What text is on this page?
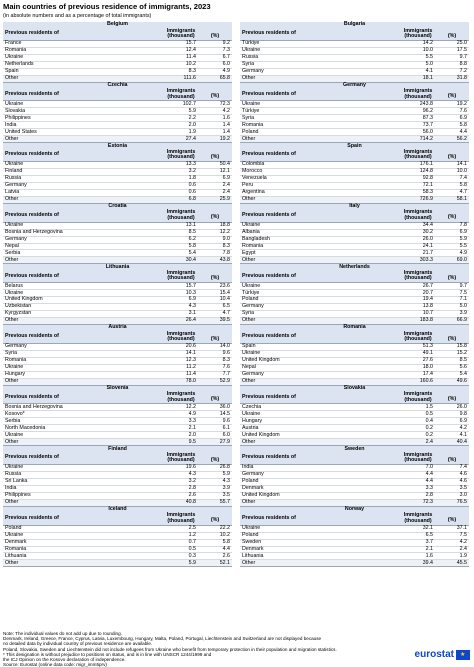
Main countries of previous residence of immigrants, 2023
(in absolute numbers and as a percentage of total immigrants)
Belgium
Previous residents of	Immigrants
(thousand)	(%)
France	15.7	9.2
Romania	12.4	7.3
Ukraine	11.4	6.7
Netherlands	10.2	6.0
Spain	8.3	4.9
Other	111.6	65.8
Bulgaria
Previous residents of	Immigrants
(thousand)	(%)
Türkiye	14.2	25.0
Ukraine	10.0	17.5
Russia	5.5	9.7
Syria	5.0	8.8
Germany	4.1	7.2
Other	18.1	31.8
Czechia
Previous residents of	Immigrants
(thousand)	(%)
Ukraine	102.7	72.3
Slovakia	5.9	4.2
Philippines	2.2	1.6
India	2.0	1.4
United States	1.9	1.4
Other	27.4	19.2
Germany
Previous residents of	Immigrants
(thousand)	(%)
Ukraine	243.8	19.2
Türkiye	96.2	7.6
Syria	87.3	6.9
Romania	73.7	5.8
Poland	56.0	4.4
Other	714.2	56.2
Estonia
Previous residents of	Immigrants
(thousand)	(%)
Ukraine	13.3	50.4
Finland	3.2	12.1
Russia	1.8	6.9
Germany	0.6	2.4
Latvia	0.6	2.4
Other	6.8	25.9
Spain
Previous residents of	Immigrants
(thousand)	(%)
Colombia	176.1	14.1
Morocco	124.8	10.0
Venezuela	92.8	7.4
Peru	72.1	5.8
Argentina	58.3	4.7
Other	726.9	58.1
Croatia
Previous residents of	Immigrants
(thousand)	(%)
Ukraine	13.1	18.8
Bosnia and Herzegovina	8.5	12.2
Germany	6.2	9.0
Nepal	5.8	8.3
Serbia	5.4	7.8
Other	30.4	43.8
Italy
Previous residents of	Immigrants
(thousand)	(%)
Ukraine	34.4	7.8
Albania	30.2	6.9
Bangladesh	26.0	5.9
Romania	24.1	5.5
Egypt	21.7	4.9
Other	303.3	69.0
Lithuania
Previous residents of	Immigrants
(thousand)	(%)
Belarus	15.7	23.6
Ukraine	10.3	15.4
United Kingdom	6.9	10.4
Uzbekistan	4.3	6.5
Kyrgyzstan	3.1	4.7
Other	26.4	39.5
Netherlands
Previous residents of	Immigrants
(thousand)	(%)
Ukraine	26.7	9.7
Türkiye	20.7	7.5
Poland	19.4	7.1
Germany	13.8	5.0
Syria	10.7	3.9
Other	183.8	66.9
Austria
Previous residents of	Immigrants
(thousand)	(%)
Germany	20.6	14.0
Syria	14.1	9.6
Romania	12.3	8.3
Ukraine	11.2	7.6
Hungary	11.4	7.7
Other	78.0	52.9
Romania
Previous residents of	Immigrants
(thousand)	(%)
Spain	51.3	15.8
Ukraine	49.1	15.2
United Kingdom	27.6	8.5
Nepal	18.0	5.6
Germany	17.4	5.4
Other	160.6	49.6
Slovenia
Previous residents of	Immigrants
(thousand)	(%)
Bosnia and Herzegovina	12.2	36.0
Kosovo*	4.9	14.5
Serbia	3.3	9.6
North Macedonia	2.1	6.1
Ukraine	2.0	6.0
Other	9.5	27.9
Slovakia
Previous residents of	Immigrants
(thousand)	(%)
Czechia	1.5	26.0
Ukraine	0.5	9.8
Hungary	0.4	6.9
Austria	0.2	4.2
United Kingdom	0.2	4.1
Other	2.4	40.4
Finland
Previous residents of	Immigrants
(thousand)	(%)
Ukraine	19.6	26.8
Russia	4.3	5.9
Sri Lanka	3.2	4.3
India	2.8	3.9
Philippines	2.6	3.5
Other	40.8	55.7
Sweden
Previous residents of	Immigrants
(thousand)	(%)
India	7.0	7.4
Germany	4.4	4.6
Poland	4.4	4.6
Denmark	3.3	3.5
United Kingdom	2.8	3.0
Other	72.3	76.5
Iceland
Previous residents of	Immigrants
(thousand)	(%)
Poland	2.5	22.2
Ukraine	1.2	10.2
Denmark	0.7	5.8
Romania	0.5	4.4
Lithuania	0.3	2.6
Other	5.9	52.1
Norway
Previous residents of	Immigrants
(thousand)	(%)
Ukraine	32.1	37.1
Poland	6.5	7.5
Sweden	3.7	4.2
Denmark	2.1	2.4
Lithuania	1.6	1.9
Other	39.4	45.5
Note: The individual values do not add up due to rounding.
Denmark, Ireland, Greece, France, Cyprus, Latvia, Luxembourg, Hungary, Malta, Poland, Portugal, Liechtenstein and Switzerland are not displayed because
no detailed data by individual country of previous residence are available.
Poland, Slovakia, Sweden and Liechtenstein did not include refugees from Ukraine who benefit from temporary protection in their population and migration statistics.
* This designation is without prejudice to positions on status, and is in line with UNSCR 1244/1999 and
the ICJ Opinion on the Kosovo declaration of independence.
Source: Eurostat (online data code: migr_imm5prv)
eurostat
★
